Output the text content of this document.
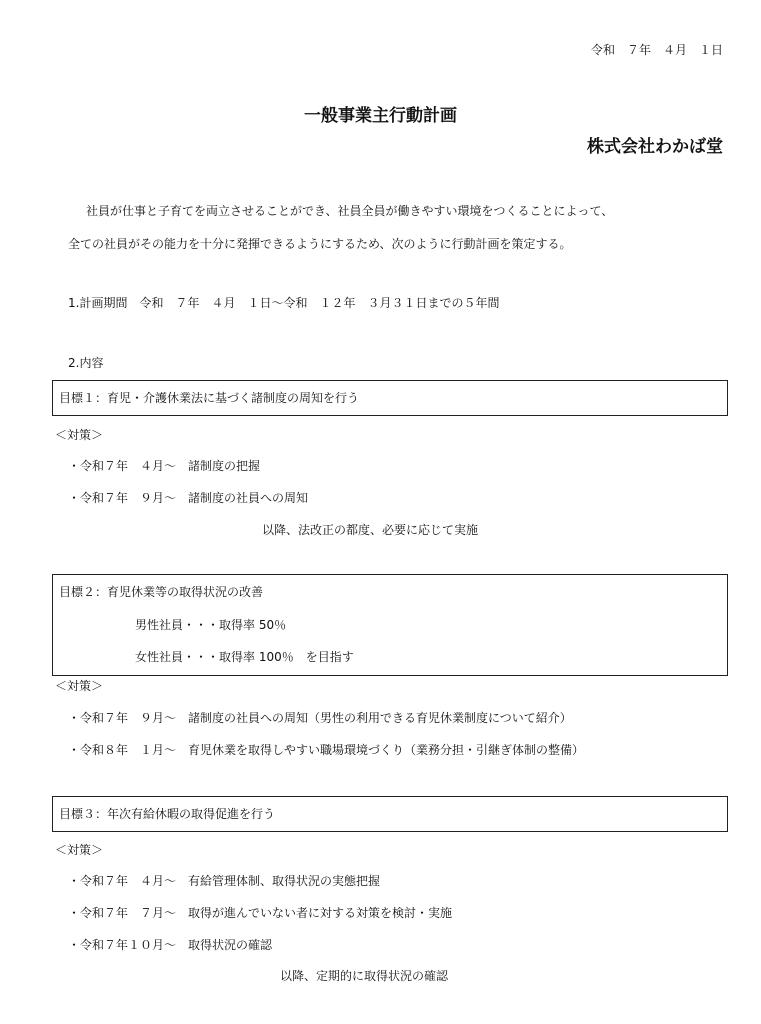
令和　７年　４月　１日
一般事業主行動計画
株式会社わかば堂
社員が仕事と子育てを両立させることができ、社員全員が働きやすい環境をつくることによって、
全ての社員がその能力を十分に発揮できるようにするため、次のように行動計画を策定する。
1.計画期間　令和　７年　４月　１日〜令和　１２年　３月３１日までの５年間
2.内容
目標１：育児・介護休業法に基づく諸制度の周知を行う
＜対策＞
・令和７年　４月〜　諸制度の把握
・令和７年　９月〜　諸制度の社員への周知
以降、法改正の都度、必要に応じて実施
目標２：育児休業等の取得状況の改善
男性社員・・・取得率 50％
女性社員・・・取得率 100％　を目指す
＜対策＞
・令和７年　９月〜　諸制度の社員への周知（男性の利用できる育児休業制度について紹介）
・令和８年　１月〜　育児休業を取得しやすい職場環境づくり（業務分担・引継ぎ体制の整備）
目標３：年次有給休暇の取得促進を行う
＜対策＞
・令和７年　４月〜　有給管理体制、取得状況の実態把握
・令和７年　７月〜　取得が進んでいない者に対する対策を検討・実施
・令和７年１０月〜　取得状況の確認
以降、定期的に取得状況の確認
